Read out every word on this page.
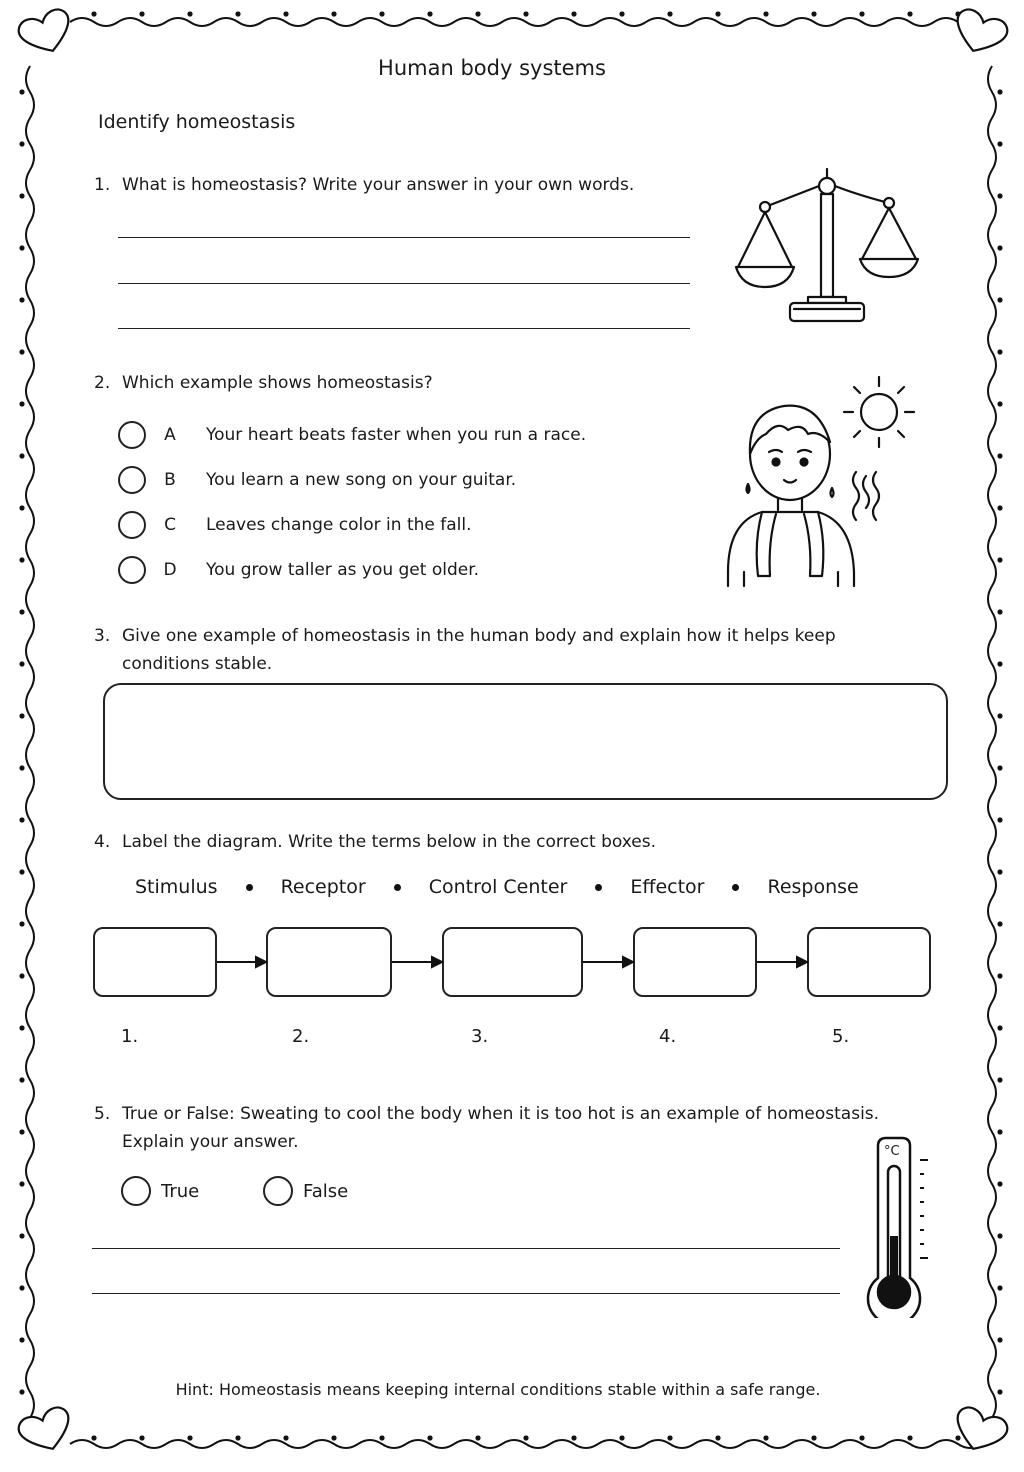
Human body systems
Identify homeostasis
1. What is homeostasis? Write your answer in your own words.
2. Which example shows homeostasis?
A	Your heart beats faster when you run a race.
B	You learn a new song on your guitar.
C	Leaves change color in the fall.
D	You grow taller as you get older.
3. Give one example of homeostasis in the human body and explain how it helps keep
conditions stable.
4. Label the diagram. Write the terms below in the correct boxes.
Stimulus	Receptor	Control Center	Effector	Response
1.	2.	3.	4.	5.
5. True or False: Sweating to cool the body when it is too hot is an example of homeostasis.
Explain your answer.
True	False
°C
Hint: Homeostasis means keeping internal conditions stable within a safe range.
